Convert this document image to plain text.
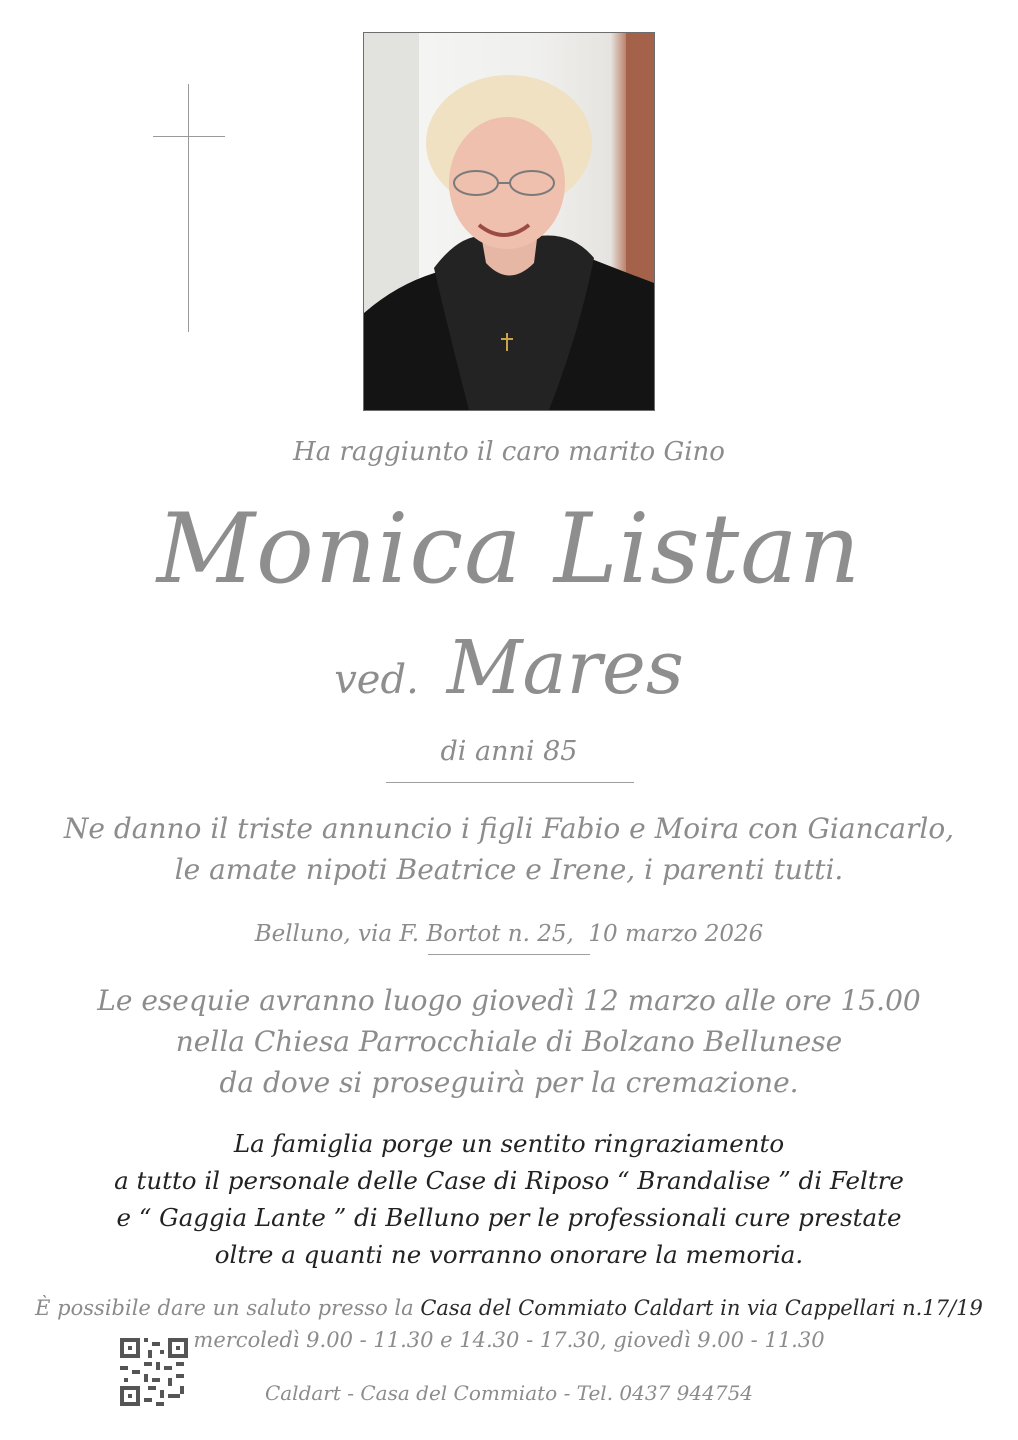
Ha raggiunto il caro marito Gino
Monica Listan
ved. Mares
di anni 85
Ne danno il triste annuncio i figli Fabio e Moira con Giancarlo,
le amate nipoti Beatrice e Irene, i parenti tutti.
Belluno, via F. Bortot n. 25,  10 marzo 2026
Le esequie avranno luogo giovedì 12 marzo alle ore 15.00
nella Chiesa Parrocchiale di Bolzano Bellunese
da dove si proseguirà per la cremazione.
La famiglia porge un sentito ringraziamento
a tutto il personale delle Case di Riposo “ Brandalise ” di Feltre
e “ Gaggia Lante ” di Belluno per le professionali cure prestate
oltre a quanti ne vorranno onorare la memoria.
È possibile dare un saluto presso la Casa del Commiato Caldart in via Cappellari n.17/19
mercoledì 9.00 - 11.30 e 14.30 - 17.30, giovedì 9.00 - 11.30
Caldart - Casa del Commiato - Tel. 0437 944754
